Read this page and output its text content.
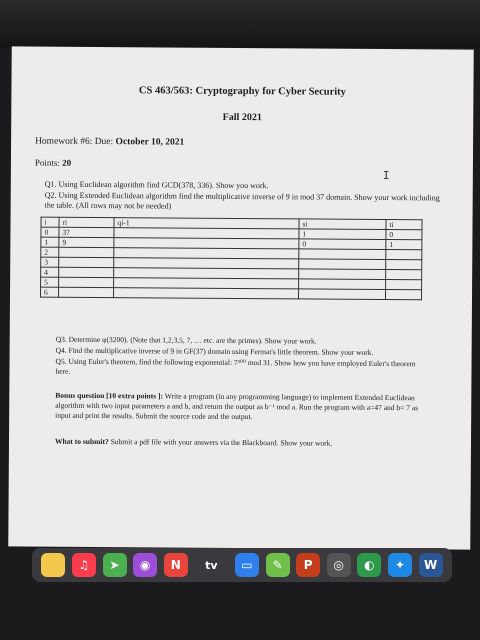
CS 463/563: Cryptography for Cyber Security
Fall 2021
Homework #6: Due: October 10, 2021
Points: 20
I
Q1. Using Euclidean algorithm find GCD(378, 336). Show you work.
Q2. Using Extended Euclidean algorithm find the multiplicative inverse of 9 in mod 37 domain. Show your work including the table. (All rows may not be needed)
i	ri	qi-1	si	ti
0	37		1	0
1	9		0	1
2				
3				
4				
5				
6				
Q3. Determine φ(3200). (Note that 1,2,3,5, 7, … etc. are the primes). Show your work.
Q4. Find the multiplicative inverse of 9 in GF(37) domain using Fermat's little theorem. Show your work.
Q5. Using Euler's theorem, find the following exponential: 7³⁰⁰ mod 31. Show how you have employed Euler's theorem here.
Bonus question [10 extra points ]: Write a program (in any programming language) to implement Extended Euclidean algorithm with two input parameters a and b, and return the output as b⁻¹ mod a. Run the program with a=47 and b= 7 as input and print the results. Submit the source code and the output.
What to submit? Submit a pdf file with your answers via the Blackboard. Show your work.
♫	➤	◉	N	tv	▭	✎	P	◎	◐	✦	W
